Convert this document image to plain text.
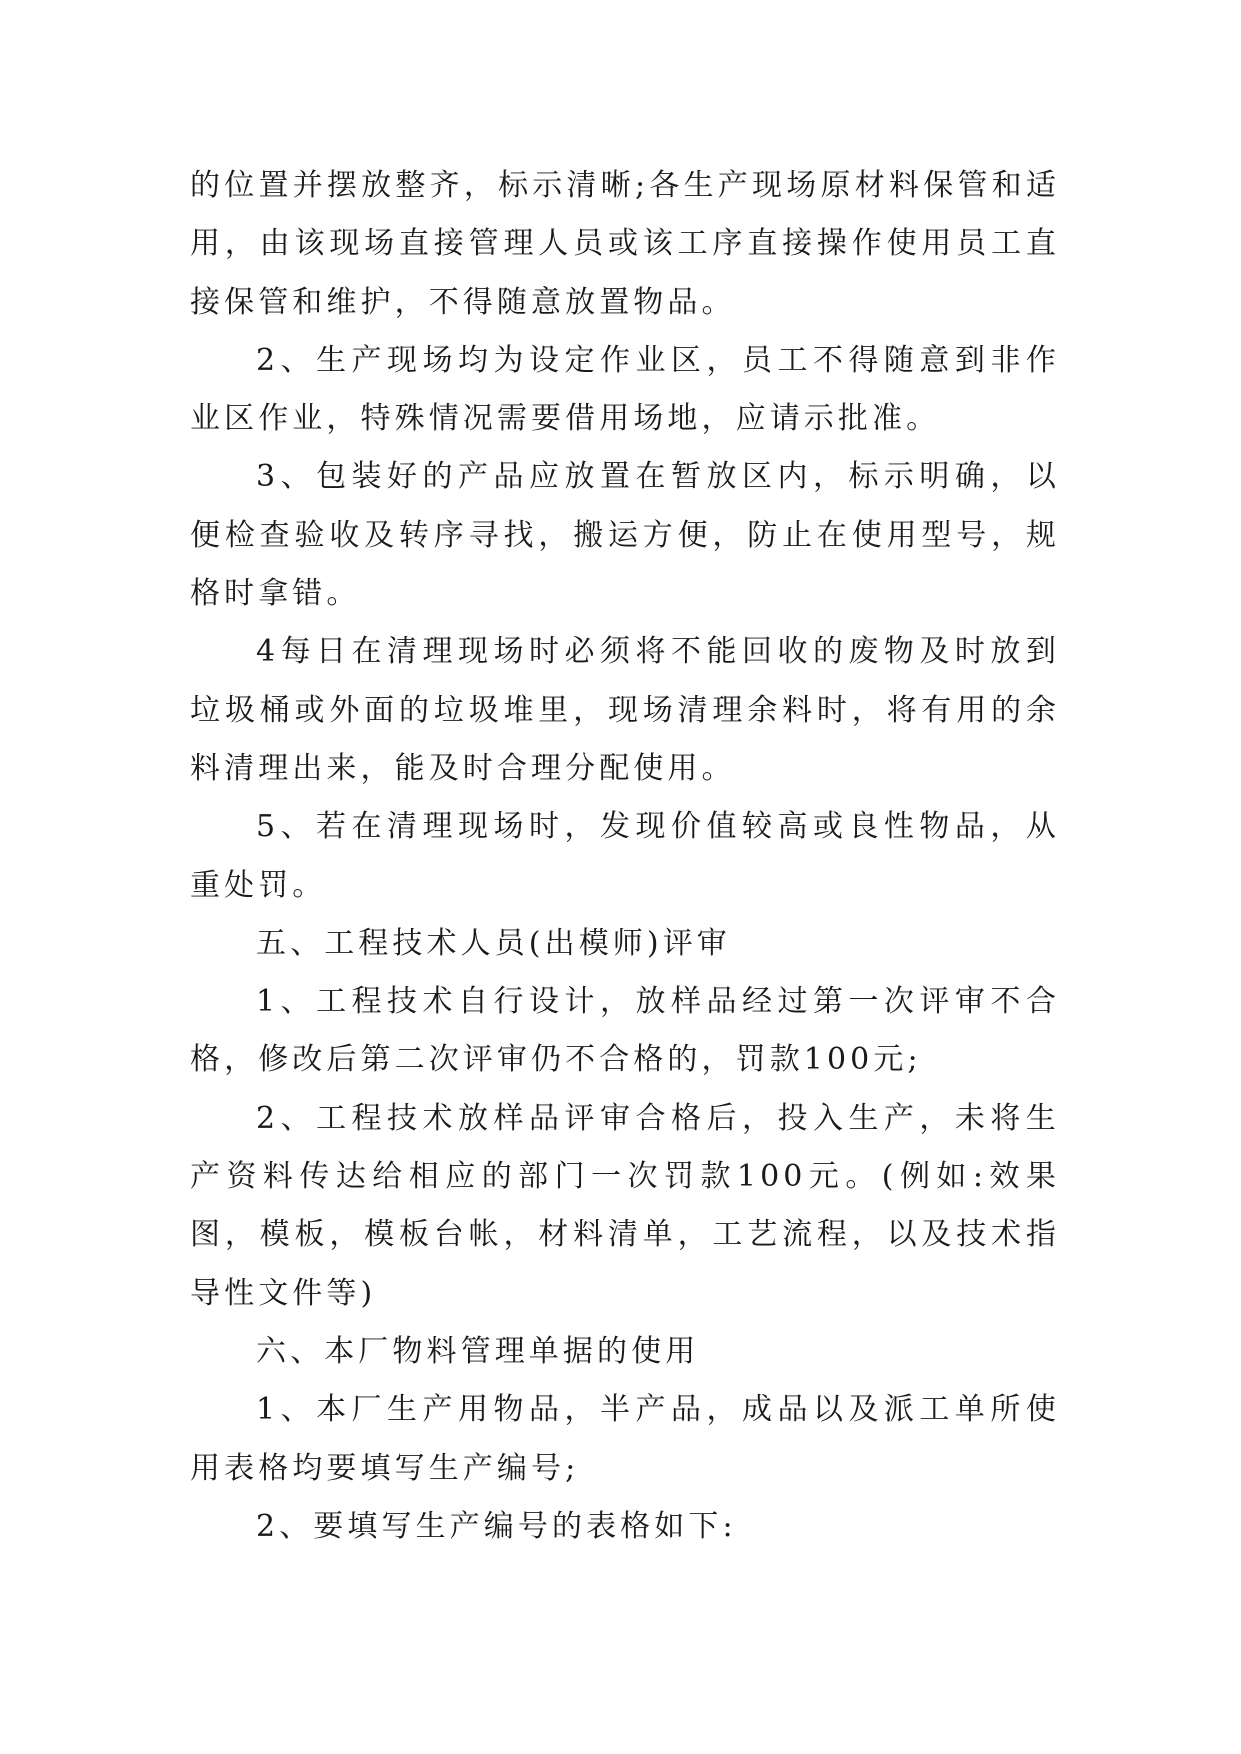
的位置并摆放整齐，标示清晰;各生产现场原材料保管和适用，由该现场直接管理人员或该工序直接操作使用员工直接保管和维护，不得随意放置物品。

2、生产现场均为设定作业区，员工不得随意到非作业区作业，特殊情况需要借用场地，应请示批准。

3、包装好的产品应放置在暂放区内，标示明确，以便检查验收及转序寻找，搬运方便，防止在使用型号，规格时拿错。

4每日在清理现场时必须将不能回收的废物及时放到垃圾桶或外面的垃圾堆里，现场清理余料时，将有用的余料清理出来，能及时合理分配使用。

5、若在清理现场时，发现价值较高或良性物品，从重处罚。

五、工程技术人员(出模师)评审

1、工程技术自行设计，放样品经过第一次评审不合格，修改后第二次评审仍不合格的，罚款100元;

2、工程技术放样品评审合格后，投入生产，未将生产资料传达给相应的部门一次罚款100元。(例如:效果图，模板，模板台帐，材料清单，工艺流程，以及技术指导性文件等)

六、本厂物料管理单据的使用

1、本厂生产用物品，半产品，成品以及派工单所使用表格均要填写生产编号;

2、要填写生产编号的表格如下:
